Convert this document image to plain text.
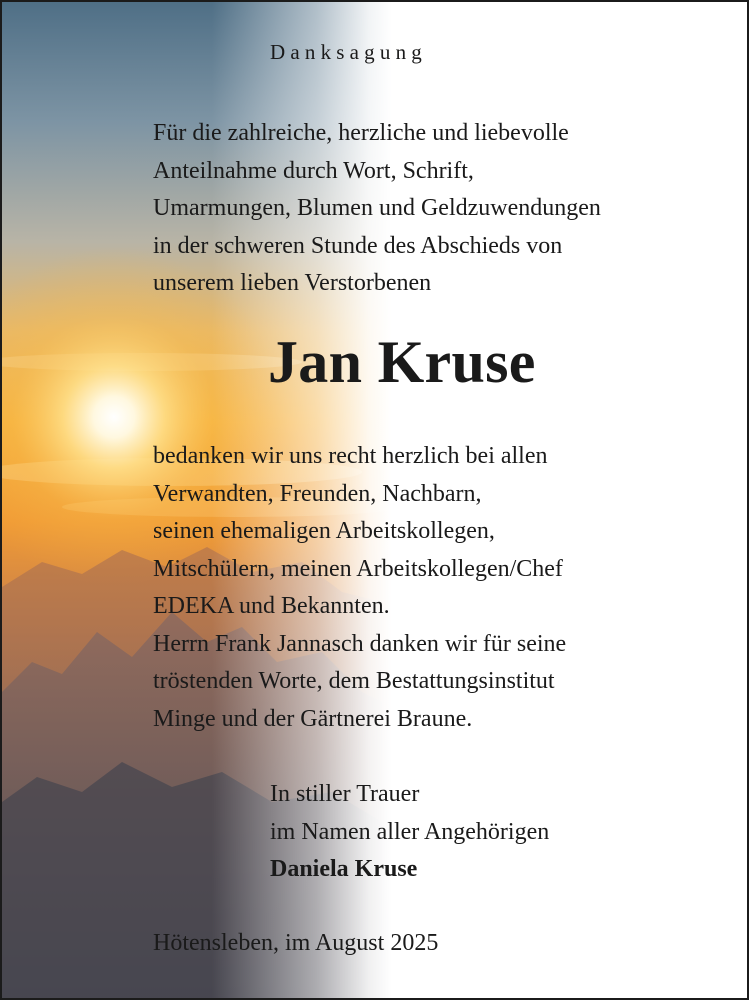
Danksagung
Für die zahlreiche, herzliche und liebevolle
Anteilnahme durch Wort, Schrift,
Umarmungen, Blumen und Geldzuwendungen
in der schweren Stunde des Abschieds von
unserem lieben Verstorbenen
Jan Kruse
bedanken wir uns recht herzlich bei allen
Verwandten, Freunden, Nachbarn,
seinen ehemaligen Arbeitskollegen,
Mitschülern, meinen Arbeitskollegen/Chef
EDEKA und Bekannten.
Herrn Frank Jannasch danken wir für seine
tröstenden Worte, dem Bestattungsinstitut
Minge und der Gärtnerei Braune.
In stiller Trauer
im Namen aller Angehörigen
Daniela Kruse
Hötensleben, im August 2025
